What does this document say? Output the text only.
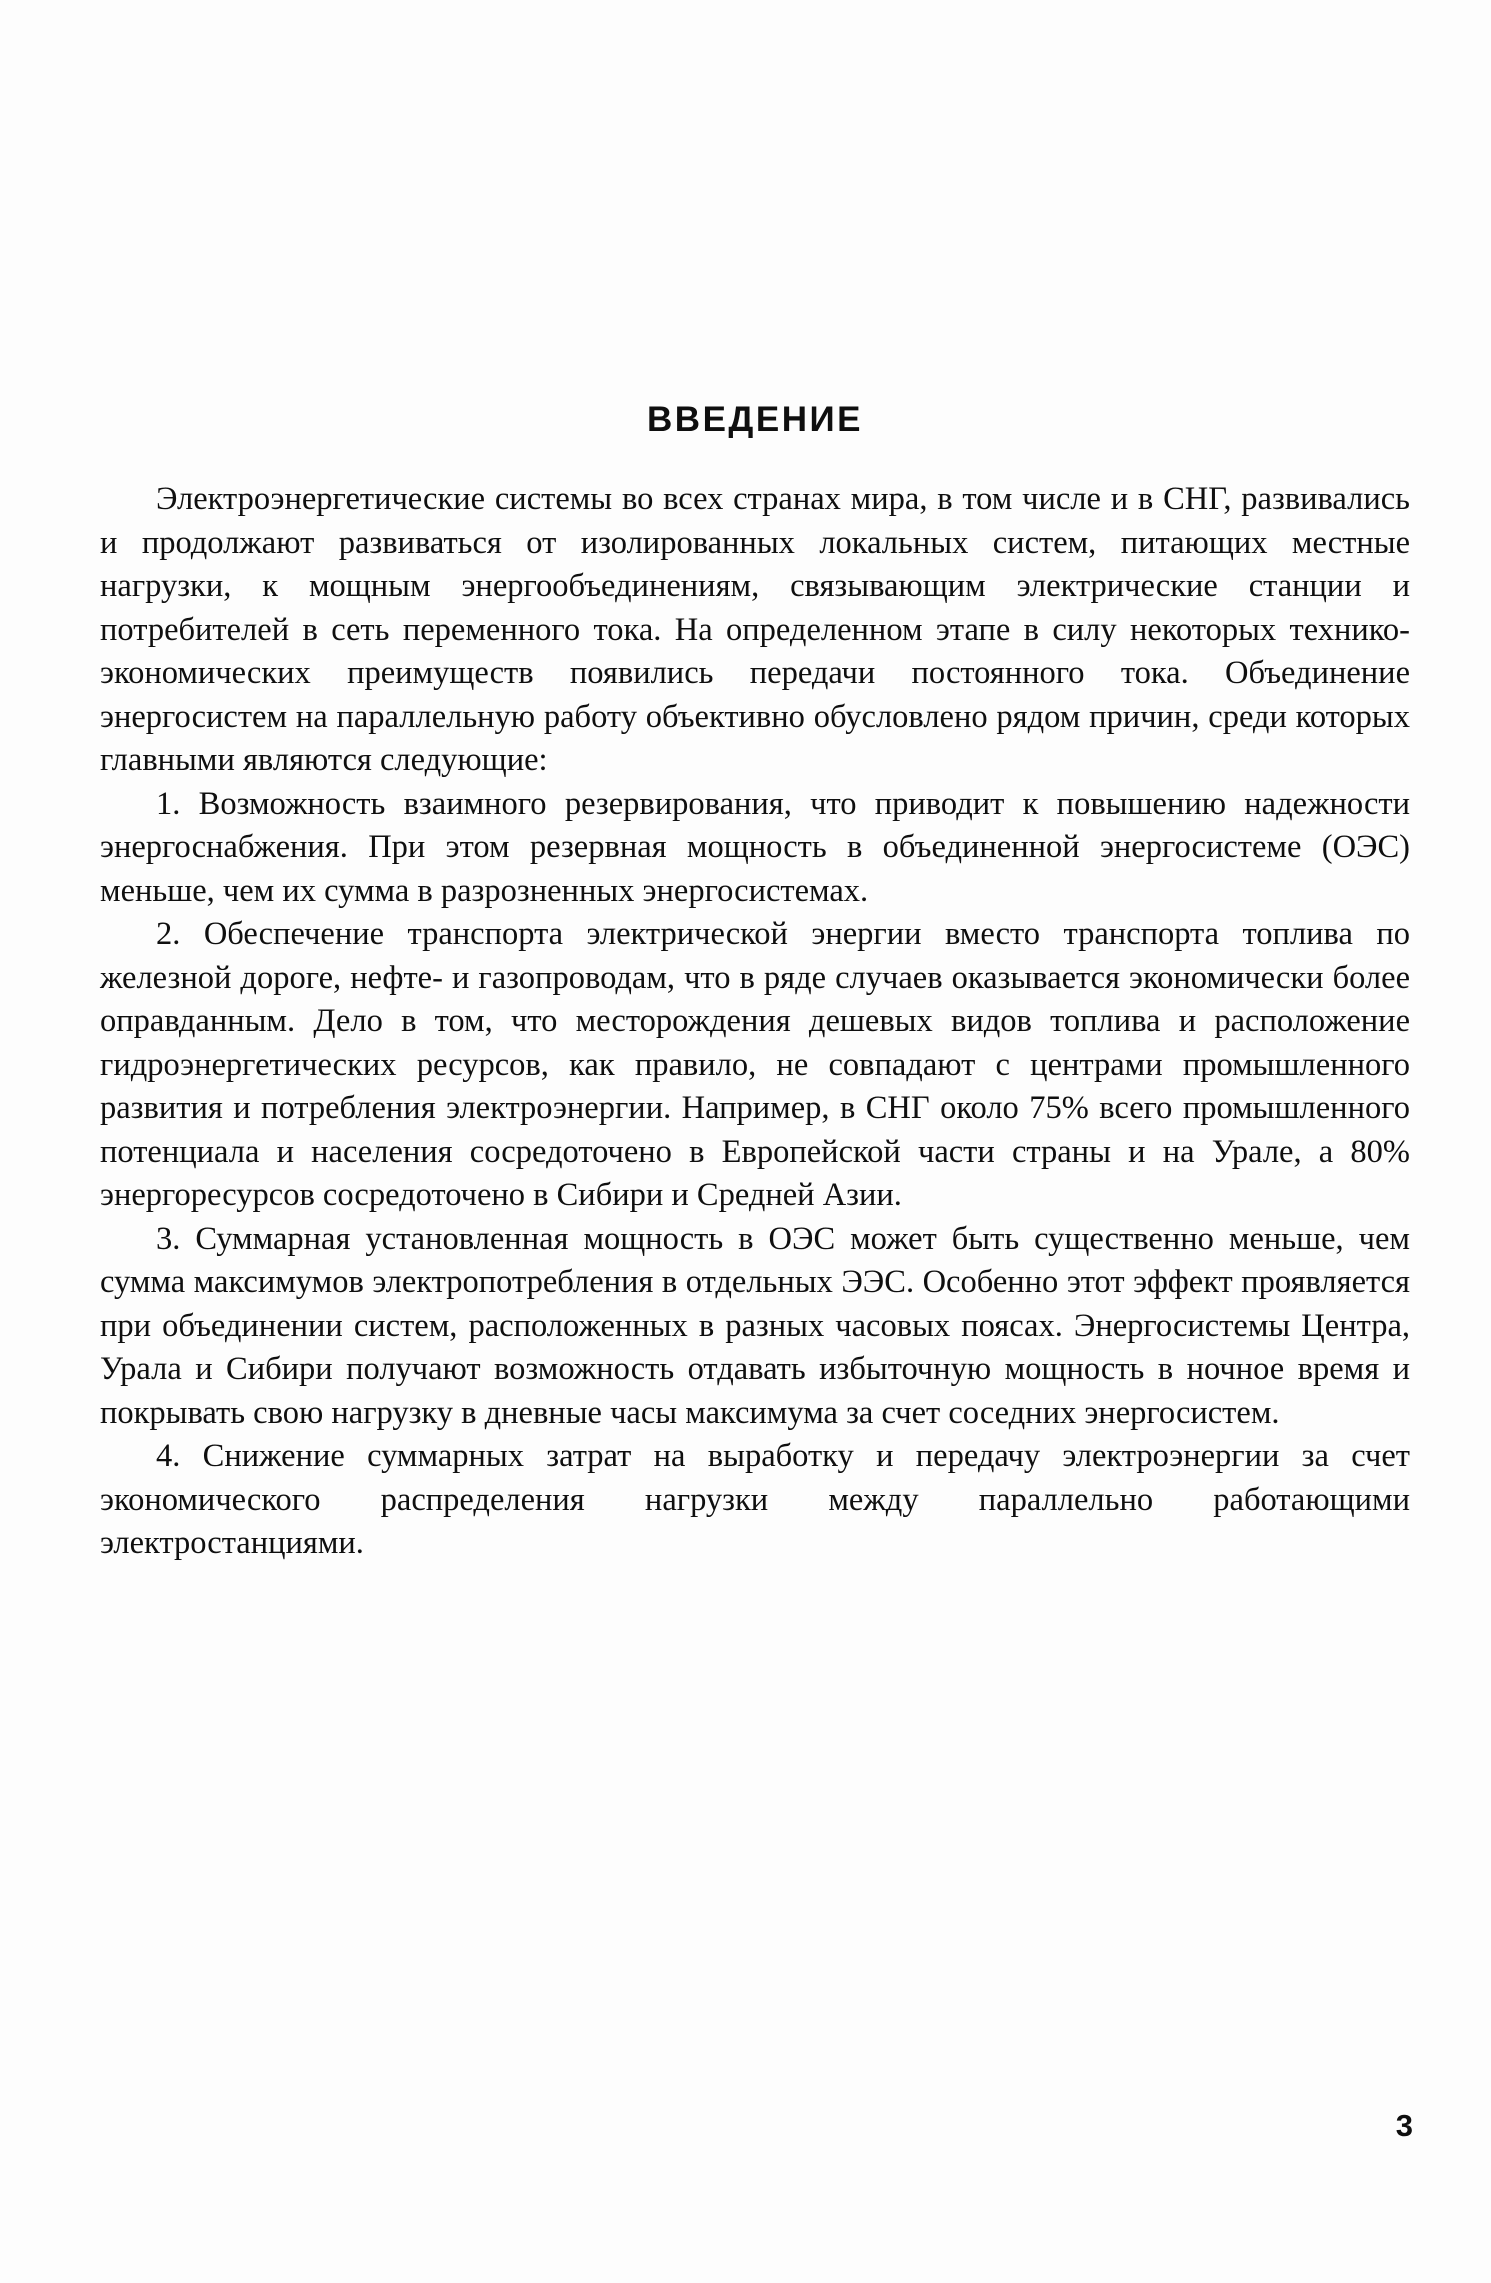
ВВЕДЕНИЕ

Электроэнергетические системы во всех странах мира, в том числе и в СНГ, развивались и продолжают развиваться от изолированных локальных систем, питающих местные нагрузки, к мощным энергообъединениям, связывающим электрические станции и потребителей в сеть переменного тока. На определенном этапе в силу некоторых технико-экономических преимуществ появились передачи постоянного тока. Объединение энергосистем на параллельную работу объективно обусловлено рядом причин, среди которых главными являются следующие:

1. Возможность взаимного резервирования, что приводит к повышению надежности энергоснабжения. При этом резервная мощность в объединенной энергосистеме (ОЭС) меньше, чем их сумма в разрозненных энергосистемах.

2. Обеспечение транспорта электрической энергии вместо транспорта топлива по железной дороге, нефте- и газопроводам, что в ряде случаев оказывается экономически более оправданным. Дело в том, что месторождения дешевых видов топлива и расположение гидроэнергетических ресурсов, как правило, не совпадают с центрами промышленного развития и потребления электроэнергии. Например, в СНГ около 75% всего промышленного потенциала и населения сосредоточено в Европейской части страны и на Урале, а 80% энергоресурсов сосредоточено в Сибири и Средней Азии.

3. Суммарная установленная мощность в ОЭС может быть существенно меньше, чем сумма максимумов электропотребления в отдельных ЭЭС. Особенно этот эффект проявляется при объединении систем, расположенных в разных часовых поясах. Энергосистемы Центра, Урала и Сибири получают возможность отдавать избыточную мощность в ночное время и покрывать свою нагрузку в дневные часы максимума за счет соседних энергосистем.

4. Снижение суммарных затрат на выработку и передачу электроэнергии за счет экономического распределения нагрузки между параллельно работающими электростанциями.

3
